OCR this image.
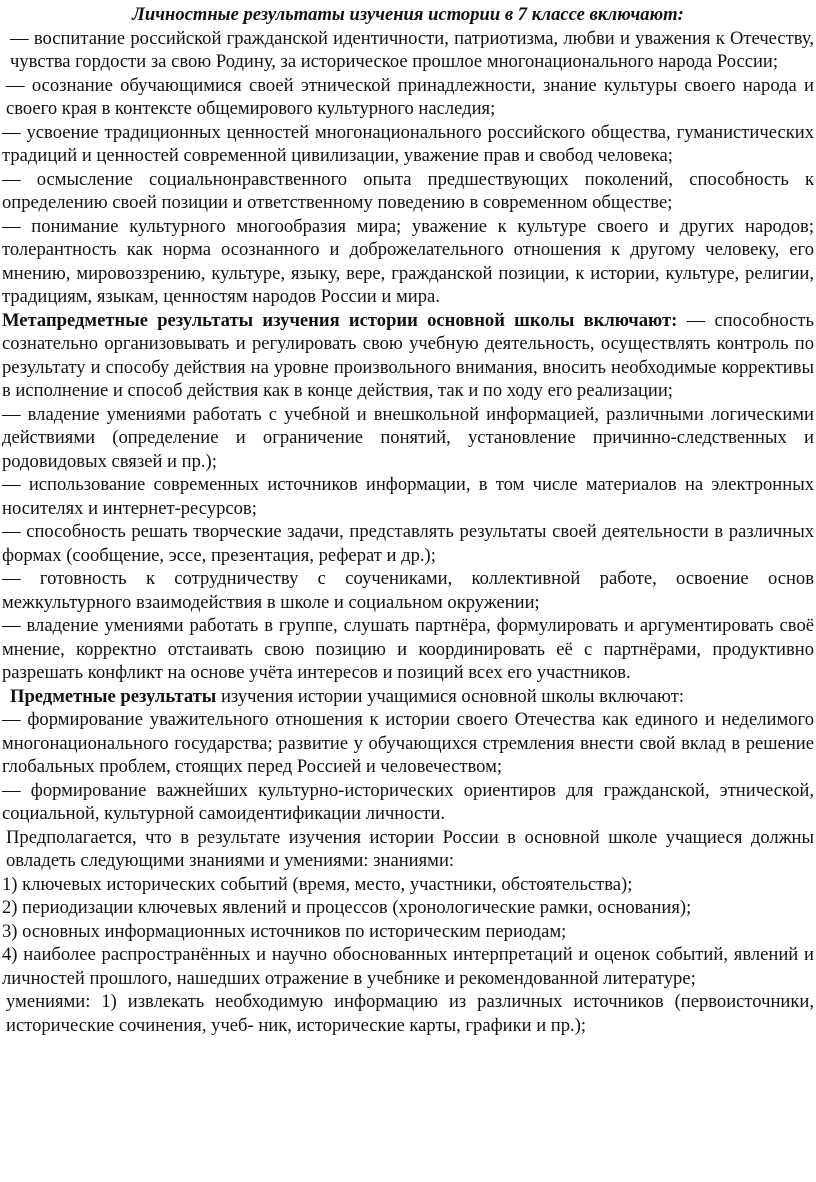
Личностные результаты изучения истории в 7 классе включают:

— воспитание российской гражданской идентичности, патриотизма, любви и уважения к Отечеству, чувства гордости за свою Родину, за историческое прошлое многонационального народа России;

— осознание обучающимися своей этнической принадлежности, знание культуры своего народа и своего края в контексте общемирового культурного наследия;

— усвоение традиционных ценностей многонационального российского общества, гуманистических традиций и ценностей современной цивилизации, уважение прав и свобод человека;

— осмысление социальнонравственного опыта предшествующих поколений, способность к определению своей позиции и ответственному поведению в современном обществе;

— понимание культурного многообразия мира; уважение к культуре своего и других народов; толерантность как норма осознанного и доброжелательного отношения к другому человеку, его мнению, мировоззрению, культуре, языку, вере, гражданской позиции, к истории, культуре, религии, традициям, языкам, ценностям народов России и мира.

Метапредметные результаты изучения истории основной школы включают: — способность сознательно организовывать и регулировать свою учебную деятельность, осуществлять контроль по результату и способу действия на уровне произвольного внимания, вносить необходимые коррективы в исполнение и способ действия как в конце действия, так и по ходу его реализации;

— владение умениями работать с учебной и внешкольной информацией, различными логическими действиями (определение и ограничение понятий, установление причинно-следственных и родовидовых связей и пр.);

— использование современных источников информации, в том числе материалов на электронных носителях и интернет-ресурсов;

— способность решать творческие задачи, представлять результаты своей деятельности в различных формах (сообщение, эссе, презентация, реферат и др.);

— готовность к сотрудничеству с соучениками, коллективной работе, освоение основ межкультурного взаимодействия в школе и социальном окружении;

— владение умениями работать в группе, слушать партнёра, формулировать и аргументировать своё мнение, корректно отстаивать свою позицию и координировать её с партнёрами, продуктивно разрешать конфликт на основе учёта интересов и позиций всех его участников.

Предметные результаты изучения истории учащимися основной школы включают:

— формирование уважительного отношения к истории своего Отечества как единого и неделимого многонационального государства; развитие у обучающихся стремления внести свой вклад в решение глобальных проблем, стоящих перед Россией и человечеством;

— формирование важнейших культурно-исторических ориентиров для гражданской, этнической, социальной, культурной самоидентификации личности.

Предполагается, что в результате изучения истории России в основной школе учащиеся должны овладеть следующими знаниями и умениями: знаниями:

1) ключевых исторических событий (время, место, участники, обстоятельства);

2) периодизации ключевых явлений и процессов (хронологические рамки, основания);

3) основных информационных источников по историческим периодам;

4) наиболее распространённых и научно обоснованных интерпретаций и оценок событий, явлений и личностей прошлого, нашедших отражение в учебнике и рекомендованной литературе;

умениями: 1) извлекать необходимую информацию из различных источников (первоисточники, исторические сочинения, учеб- ник, исторические карты, графики и пр.);
